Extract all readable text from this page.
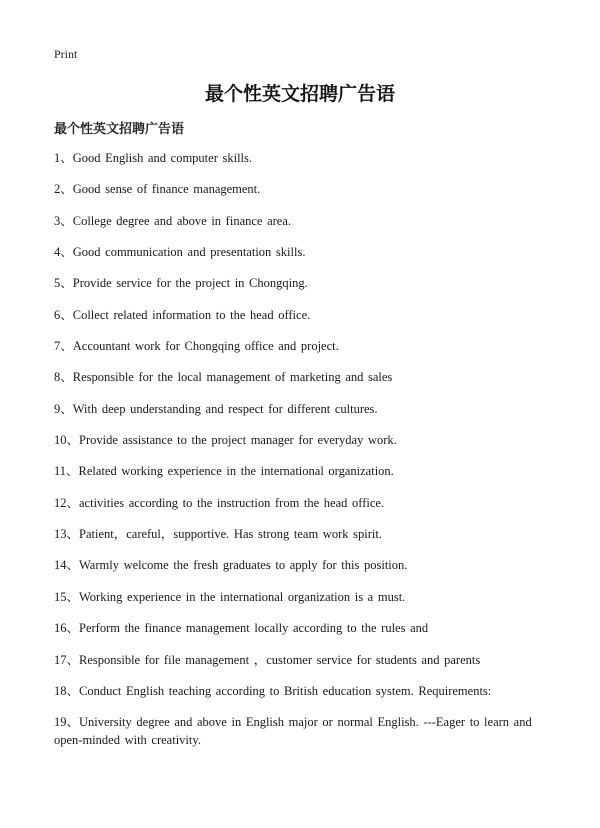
Print
最个性英文招聘广告语
最个性英文招聘广告语
1、Good English and computer skills.
2、Good sense of finance management.
3、College degree and above in finance area.
4、Good communication and presentation skills.
5、Provide service for the project in Chongqing.
6、Collect related information to the head office.
7、Accountant work for Chongqing office and project.
8、Responsible for the local management of marketing and sales
9、With deep understanding and respect for different cultures.
10、Provide assistance to the project manager for everyday work.
11、Related working experience in the international organization.
12、activities according to the instruction from the head office.
13、Patient，careful，supportive. Has strong team work spirit.
14、Warmly welcome the fresh graduates to apply for this position.
15、Working experience in the international organization is a must.
16、Perform the finance management locally according to the rules and
17、Responsible for file management ，customer service for students and parents
18、Conduct English teaching according to British education system. Requirements:
19、University degree and above in English major or normal English. ---Eager to learn and open-minded with creativity.
